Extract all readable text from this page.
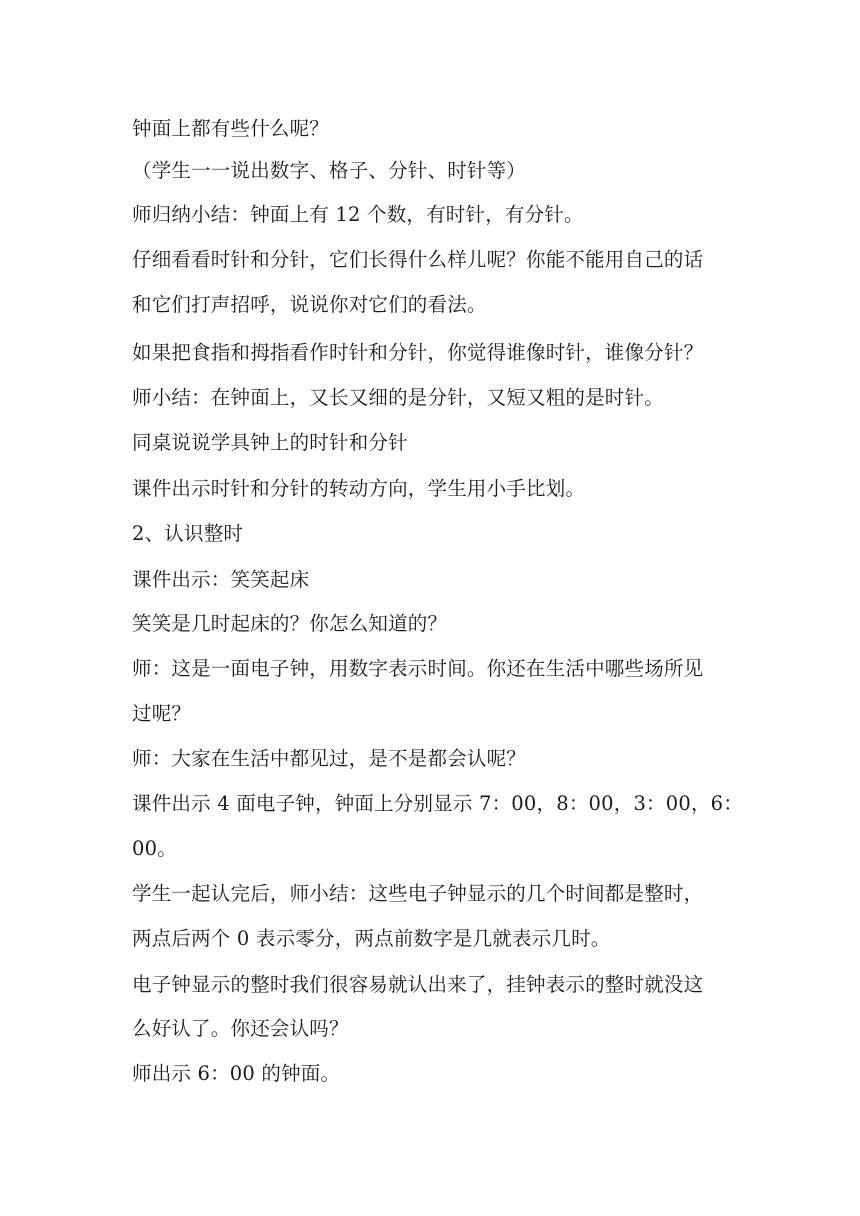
钟面上都有些什么呢？
（学生一一说出数字、格子、分针、时针等）
师归纳小结：钟面上有 12 个数，有时针，有分针。
仔细看看时针和分针，它们长得什么样儿呢？你能不能用自己的话
和它们打声招呼，说说你对它们的看法。
如果把食指和拇指看作时针和分针，你觉得谁像时针，谁像分针？
师小结：在钟面上，又长又细的是分针，又短又粗的是时针。
同桌说说学具钟上的时针和分针
课件出示时针和分针的转动方向，学生用小手比划。
2、认识整时
课件出示：笑笑起床
笑笑是几时起床的？你怎么知道的？
师：这是一面电子钟，用数字表示时间。你还在生活中哪些场所见
过呢？
师：大家在生活中都见过，是不是都会认呢？
课件出示 4 面电子钟，钟面上分别显示 7：00，8：00，3：00，6：
00。
学生一起认完后，师小结：这些电子钟显示的几个时间都是整时，
两点后两个 0 表示零分，两点前数字是几就表示几时。
电子钟显示的整时我们很容易就认出来了，挂钟表示的整时就没这
么好认了。你还会认吗？
师出示 6：00 的钟面。
